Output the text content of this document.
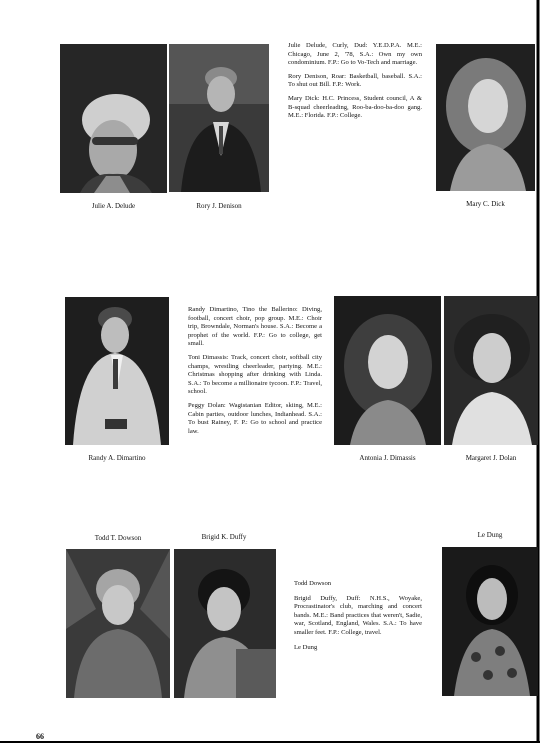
Julie Delude, Curly, Dud: Y.E.D.P.A. M.E.: Chicago, June 2, '78, S.A.: Own my own condominium. F.P.: Go to Vo-Tech and marriage.

Rory Denison, Roar: Basketball, baseball. S.A.: To shut out Bill. F.P.: Work.

Mary Dick: H.C. Princess, Student council, A & B-squad cheerleading, Roo-ba-doo-ba-doo gang. M.E.: Florida. F.P.: College.

Julie A. Delude	Rory J. Denison	Mary C. Dick

Randy Dimartino, Tino the Ballerino: Diving, football, concert choir, pop group. M.E.: Choir trip, Browndale, Norman's house. S.A.: Become a prophet of the world. F.P.: Go to college, get small.

Toni Dimassis: Track, concert choir, softball city champs, wrestling cheerleader, partying. M.E.: Christmas shopping after drinking with Linda. S.A.: To become a millionaire tycoon. F.P.: Travel, school.

Peggy Dolan: Wagistanian Editor, skiing, M.E.: Cabin parties, outdoor lunches, Indianhead. S.A.: To bust Rainey, F. P.: Go to school and practice law.

Randy A. Dimartino	Antonia J. Dimassis	Margaret J. Dolan
Todd T. Dowson	Brigid K. Duffy	Le Dung

Todd Dowson

Brigid Duffy, Duff: N.H.S., Woyake, Procrastinator's club, marching and concert bands. M.E.: Band practices that weren't, Sadie, war, Scotland, England, Wales. S.A.: To have smaller feet. F.P.: College, travel.

Le Dung

66
